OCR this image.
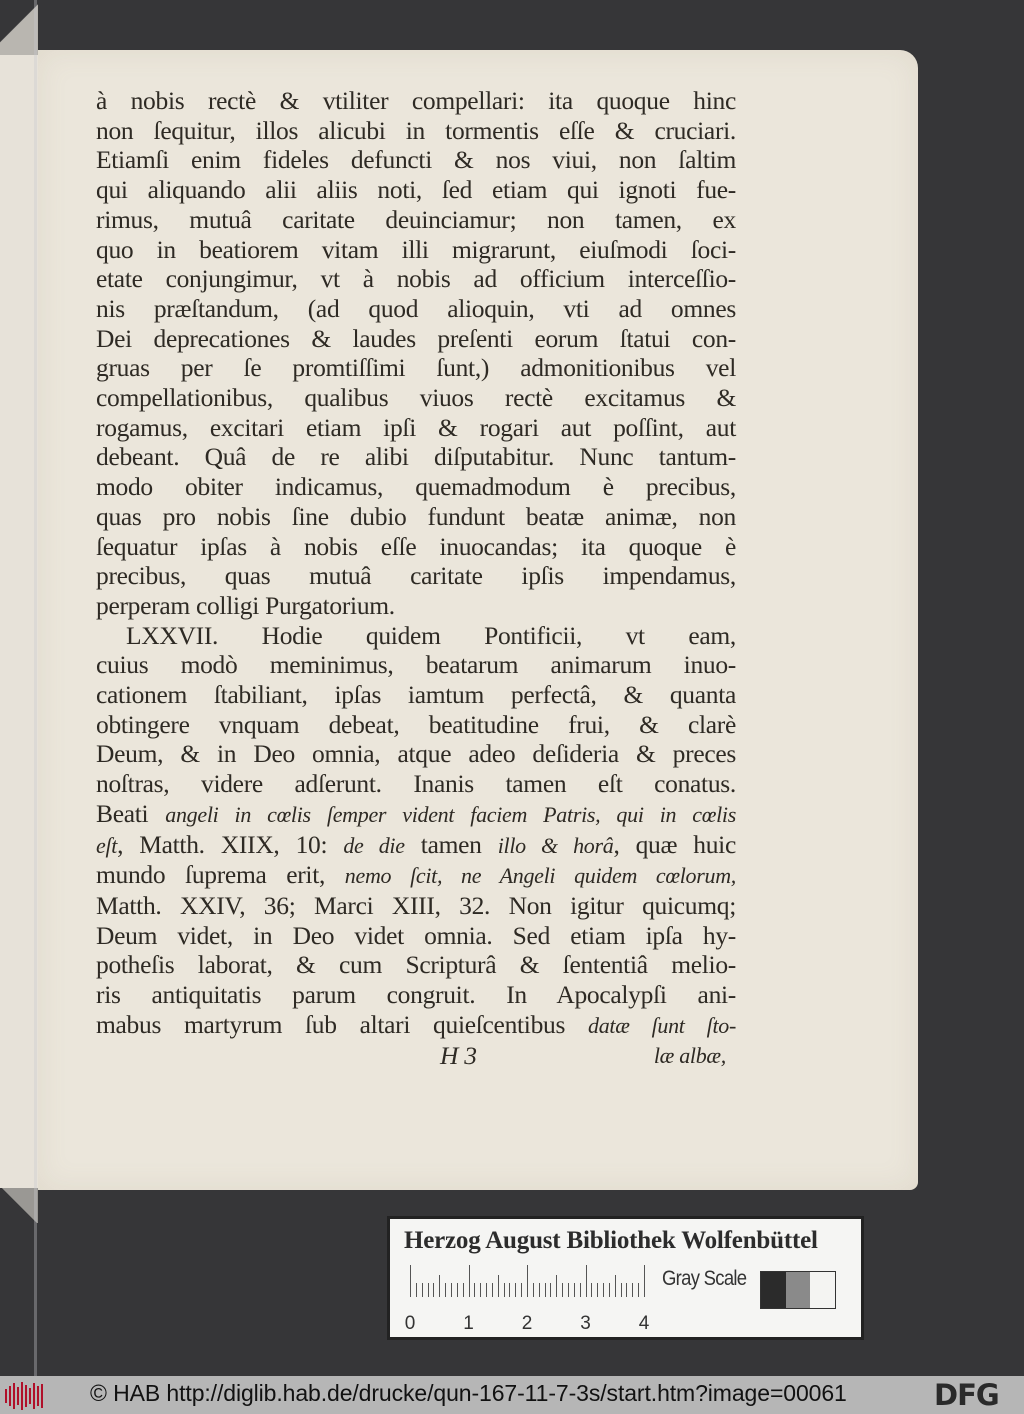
à nobis rectè & vtiliter compellari: ita quoque hinc
non ſequitur, illos alicubi in tormentis eſſe & cruciari.
Etiamſi enim fideles defuncti & nos viui, non ſaltim
qui aliquando alii aliis noti, ſed etiam qui ignoti fue-
rimus, mutuâ caritate deuinciamur; non tamen, ex
quo in beatiorem vitam illi migrarunt, eiuſmodi ſoci-
etate conjungimur, vt à nobis ad officium interceſſio-
nis præſtandum, (ad quod alioquin, vti ad omnes
Dei deprecationes & laudes preſenti eorum ſtatui con-
gruas per ſe promtiſſimi ſunt,) admonitionibus vel
compellationibus, qualibus viuos rectè excitamus &
rogamus, excitari etiam ipſi & rogari aut poſſint, aut
debeant. Quâ de re alibi diſputabitur. Nunc tantum-
modo obiter indicamus, quemadmodum è precibus,
quas pro nobis ſine dubio fundunt beatæ animæ, non
ſequatur ipſas à nobis eſſe inuocandas; ita quoque è
precibus, quas mutuâ caritate ipſis impendamus,
perperam colligi Purgatorium.
LXXVII. Hodie quidem Pontificii, vt eam,
cuius modò meminimus, beatarum animarum inuo-
cationem ſtabiliant, ipſas iamtum perfectâ, & quanta
obtingere vnquam debeat, beatitudine frui, & clarè
Deum, & in Deo omnia, atque adeo deſideria & preces
noſtras, videre adſerunt. Inanis tamen eſt conatus.
Beati angeli in cœlis ſemper vident faciem Patris, qui in cœlis
eſt, Matth. XIIX, 10: de die tamen illo & horâ, quæ huic
mundo ſuprema erit, nemo ſcit, ne Angeli quidem cœlorum,
Matth. XXIV, 36; Marci XIII, 32. Non igitur quicumq;
Deum videt, in Deo videt omnia. Sed etiam ipſa hy-
potheſis laborat, & cum Scripturâ & ſententiâ melio-
ris antiquitatis parum congruit. In Apocalypſi ani-
mabus martyrum ſub altari quieſcentibus datæ ſunt ſto-
H 3	læ albæ,
Herzog August Bibliothek Wolfenbüttel
0	1	2	3	4
Gray Scale
© HAB http://diglib.hab.de/drucke/qun-167-11-7-3s/start.htm?image=00061	DFG
